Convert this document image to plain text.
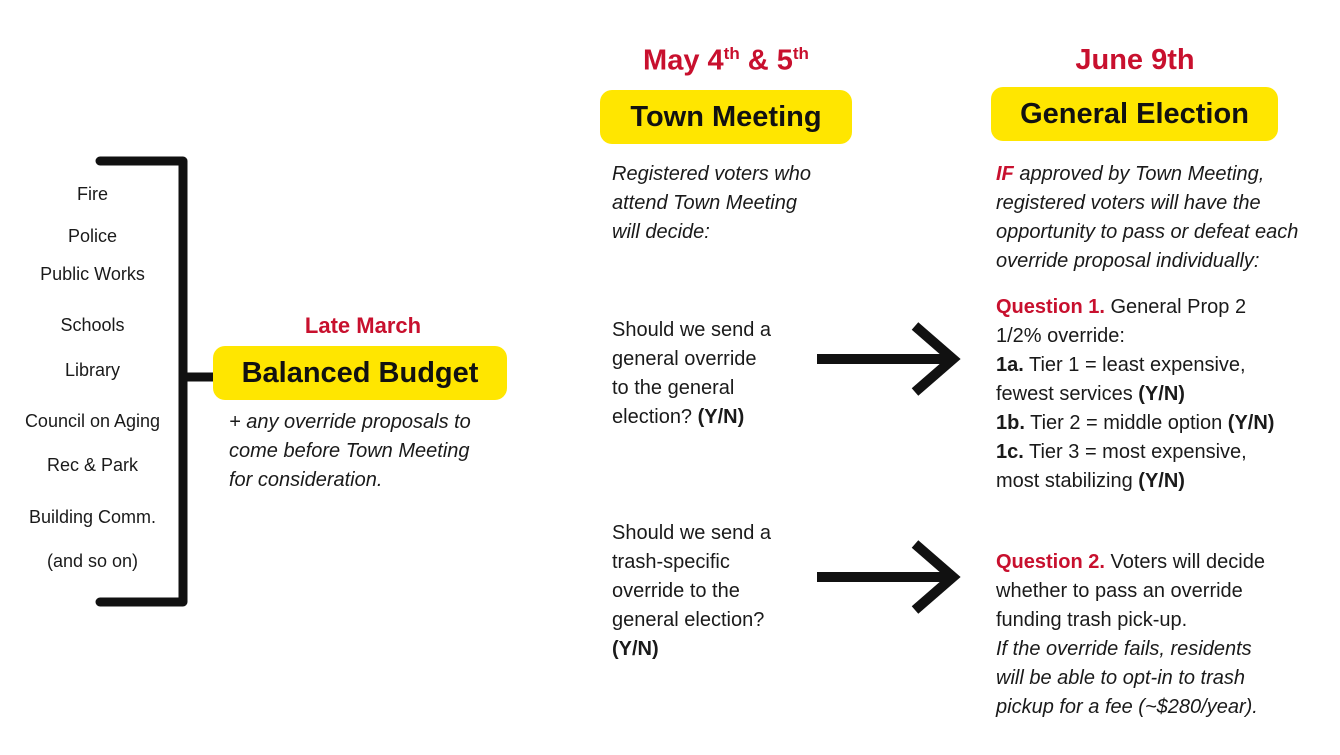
Fire
Police
Public Works
Schools
Library
Council on Aging
Rec & Park
Building Comm.
(and so on)
Late March
Balanced Budget
+ any override proposals to
come before Town Meeting
for consideration.
May 4th & 5th
Town Meeting
Registered voters who
attend Town Meeting
will decide:
Should we send a
general override
to the general
election? (Y/N)
Should we send a
trash-specific
override to the
general election?
(Y/N)
June 9th
General Election
IF approved by Town Meeting,
registered voters will have the
opportunity to pass or defeat each
override proposal individually:
Question 1. General Prop 2
1/2% override:
1a. Tier 1 = least expensive,
fewest services (Y/N)
1b. Tier 2 = middle option (Y/N)
1c. Tier 3 = most expensive,
most stabilizing (Y/N)
Question 2. Voters will decide
whether to pass an override
funding trash pick-up.
If the override fails, residents
will be able to opt-in to trash
pickup for a fee (~$280/year).
